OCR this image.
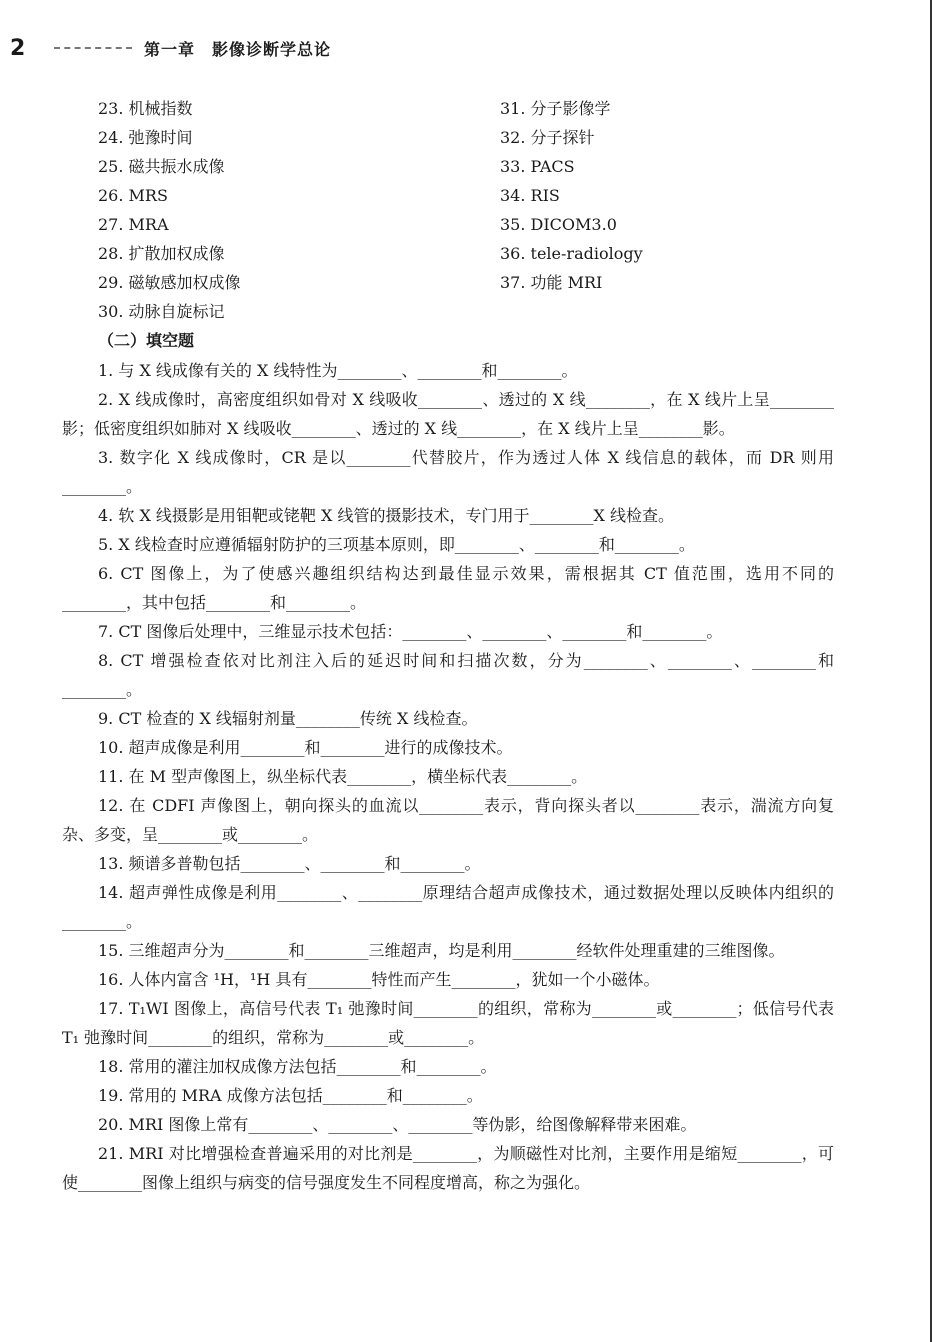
2	第一章　影像诊断学总论
23. 机械指数
24. 弛豫时间
25. 磁共振水成像
26. MRS
27. MRA
28. 扩散加权成像
29. 磁敏感加权成像
30. 动脉自旋标记
31. 分子影像学
32. 分子探针
33. PACS
34. RIS
35. DICOM3.0
36. tele-radiology
37. 功能 MRI
（二）填空题
1. 与 X 线成像有关的 X 线特性为________、________和________。
2. X 线成像时，高密度组织如骨对 X 线吸收________、透过的 X 线________，在 X 线片上呈________影；低密度组织如肺对 X 线吸收________、透过的 X 线________，在 X 线片上呈________影。
3. 数字化 X 线成像时，CR 是以________代替胶片，作为透过人体 X 线信息的载体，而 DR 则用________。
4. 软 X 线摄影是用钼靶或铑靶 X 线管的摄影技术，专门用于________X 线检查。
5. X 线检查时应遵循辐射防护的三项基本原则，即________、________和________。
6. CT 图像上，为了使感兴趣组织结构达到最佳显示效果，需根据其 CT 值范围，选用不同的________，其中包括________和________。
7. CT 图像后处理中，三维显示技术包括：________、________、________和________。
8. CT 增强检查依对比剂注入后的延迟时间和扫描次数，分为________、________、________和________。
9. CT 检查的 X 线辐射剂量________传统 X 线检查。
10. 超声成像是利用________和________进行的成像技术。
11. 在 M 型声像图上，纵坐标代表________，横坐标代表________。
12. 在 CDFI 声像图上，朝向探头的血流以________表示，背向探头者以________表示，湍流方向复杂、多变，呈________或________。
13. 频谱多普勒包括________、________和________。
14. 超声弹性成像是利用________、________原理结合超声成像技术，通过数据处理以反映体内组织的________。
15. 三维超声分为________和________三维超声，均是利用________经软件处理重建的三维图像。
16. 人体内富含 ¹H，¹H 具有________特性而产生________，犹如一个小磁体。
17. T₁WI 图像上，高信号代表 T₁ 弛豫时间________的组织，常称为________或________；低信号代表 T₁ 弛豫时间________的组织，常称为________或________。
18. 常用的灌注加权成像方法包括________和________。
19. 常用的 MRA 成像方法包括________和________。
20. MRI 图像上常有________、________、________等伪影，给图像解释带来困难。
21. MRI 对比增强检查普遍采用的对比剂是________，为顺磁性对比剂，主要作用是缩短________，可使________图像上组织与病变的信号强度发生不同程度增高，称之为强化。
